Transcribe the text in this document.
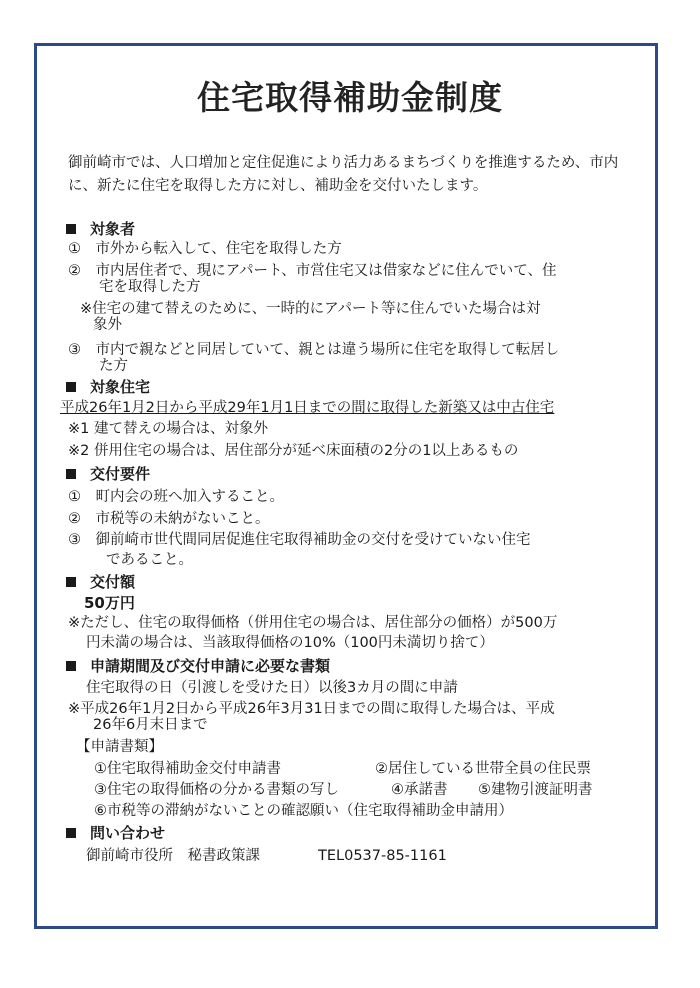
住宅取得補助金制度
御前崎市では、人口増加と定住促進により活力あるまちづくりを推進するため、市内に、新たに住宅を取得した方に対し、補助金を交付いたします。
対象者
①　市外から転入して、住宅を取得した方
②　市内居住者で、現にアパート、市営住宅又は借家などに住んでいて、住
宅を取得した方
※住宅の建て替えのために、一時的にアパート等に住んでいた場合は対
象外
③　市内で親などと同居していて、親とは違う場所に住宅を取得して転居し
た方
対象住宅
平成26年1月2日から平成29年1月1日までの間に取得した新築又は中古住宅
※1 建て替えの場合は、対象外
※2 併用住宅の場合は、居住部分が延べ床面積の2分の1以上あるもの
交付要件
①　町内会の班へ加入すること。
②　市税等の未納がないこと。
③　御前崎市世代間同居促進住宅取得補助金の交付を受けていない住宅
であること。
交付額
50万円
※ただし、住宅の取得価格（併用住宅の場合は、居住部分の価格）が500万
円未満の場合は、当該取得価格の10%（100円未満切り捨て）
申請期間及び交付申請に必要な書類
住宅取得の日（引渡しを受けた日）以後3カ月の間に申請
※平成26年1月2日から平成26年3月31日までの間に取得した場合は、平成
26年6月末日まで
【申請書類】
①住宅取得補助金交付申請書	②居住している世帯全員の住民票
③住宅の取得価格の分かる書類の写し	④承諾書 ⑤建物引渡証明書
⑥市税等の滞納がないことの確認願い（住宅取得補助金申請用）
問い合わせ
御前崎市役所　秘書政策課	TEL0537-85-1161
